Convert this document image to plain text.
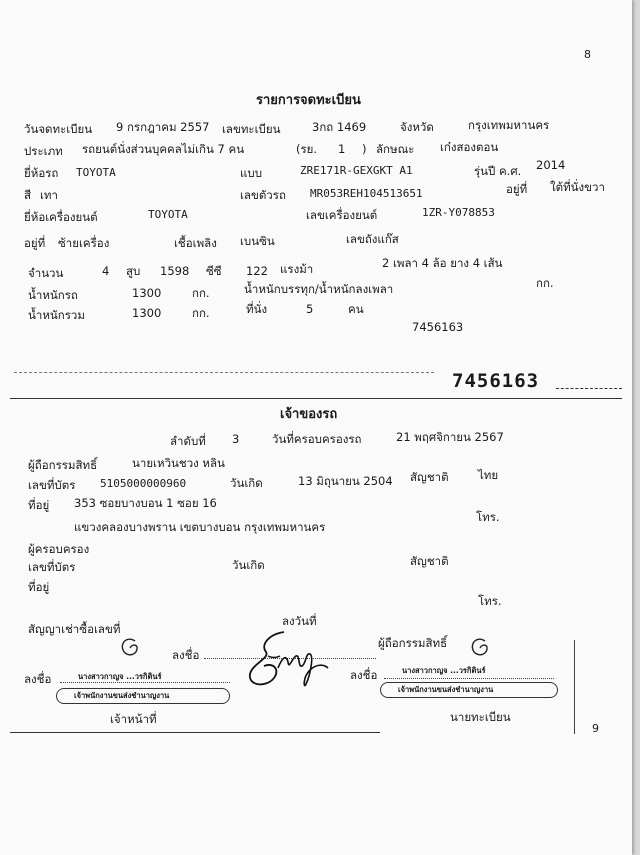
8
รายการจดทะเบียน
วันจดทะเบียน 9 กรกฎาคม 2557 เลขทะเบียน	3กถ 1469	จังหวัด	กรุงเทพมหานคร
ประเภท รถยนต์นั่งส่วนบุคคลไม่เกิน 7 คน	(รย. 1 ) ลักษณะ เก๋งสองตอน
ยี่ห้อรถ TOYOTA	แบบ	ZRE171R-GEXGKT A1	รุ่นปี ค.ศ. 2014
สี เทา	เลขตัวรถ MR053REH104513651	อยู่ที่ ใต้ที่นั่งขวา
ยี่ห้อเครื่องยนต์	TOYOTA	เลขเครื่องยนต์	1ZR-Y078853
อยู่ที่ ซ้ายเครื่อง	เชื้อเพลิง เบนซิน	เลขถังแก๊ส
จำนวน	4 สูบ 1598 ซีซี 122 แรงม้า	2 เพลา 4 ล้อ ยาง 4 เส้น
น้ำหนักรถ	1300	กก.	น้ำหนักบรรทุก/น้ำหนักลงเพลา	กก.
น้ำหนักรวม	1300	กก.	ที่นั่ง	5	คน
7456163
7456163
เจ้าของรถ
ลำดับที่ 3	วันที่ครอบครองรถ	21 พฤศจิกายน 2567
ผู้ถือกรรมสิทธิ์	นายเหวินชวง หลิน
เลขที่บัตร 5105000000960	วันเกิด	13 มิถุนายน 2504 สัญชาติ	ไทย
ที่อยู่ 353 ซอยบางบอน 1 ซอย 16
แขวงคลองบางพราน เขตบางบอน กรุงเทพมหานคร
โทร.
ผู้ครอบครอง
เลขที่บัตร	วันเกิด	สัญชาติ
ที่อยู่
โทร.
สัญญาเช่าซื้อเลขที่
ลงวันที่
ลงชื่อ
ผู้ถือกรรมสิทธิ์
ลงชื่อ	นางสาวกาญจ ...วรกิตินร์
เจ้าพนักงานขนส่งชำนาญงาน
ลงชื่อ	นางสาวกาญจ ...วรกิตินร์
เจ้าพนักงานขนส่งชำนาญงาน
เจ้าหน้าที่	นายทะเบียน
9
